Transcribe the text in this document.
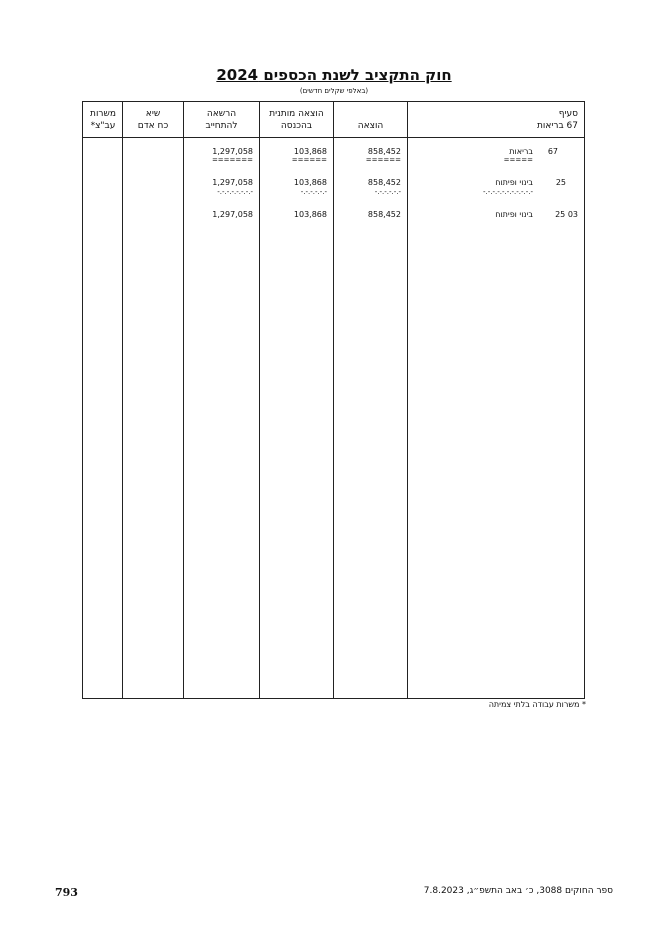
חוק התקציב לשנת הכספים 2024
(באלפי שקלים חדשים)
משרות
עב"צ*
שיא
כח אדם
הרשאה
להתחייב
הוצאה מותנית
בהכנסה	הוצאה
סעיף
67 בריאות
67
בריאות
=====
858,452
======
103,868
======
1,297,058
=======
25
בינוי ופיתוח
-.-.-.-.-.-.-.-.-.-.-
858,452
-.-.-.-.-.-
103,868
-.-.-.-.-.-
1,297,058
-.-.-.-.-.-.-.-
25 03
בינוי ופיתוח
858,452
103,868
1,297,058
* משרות עבודה בלתי צמיתה
793	ספר החוקים 3088, כ׳ באב התשפ״ג, 7.8.2023
